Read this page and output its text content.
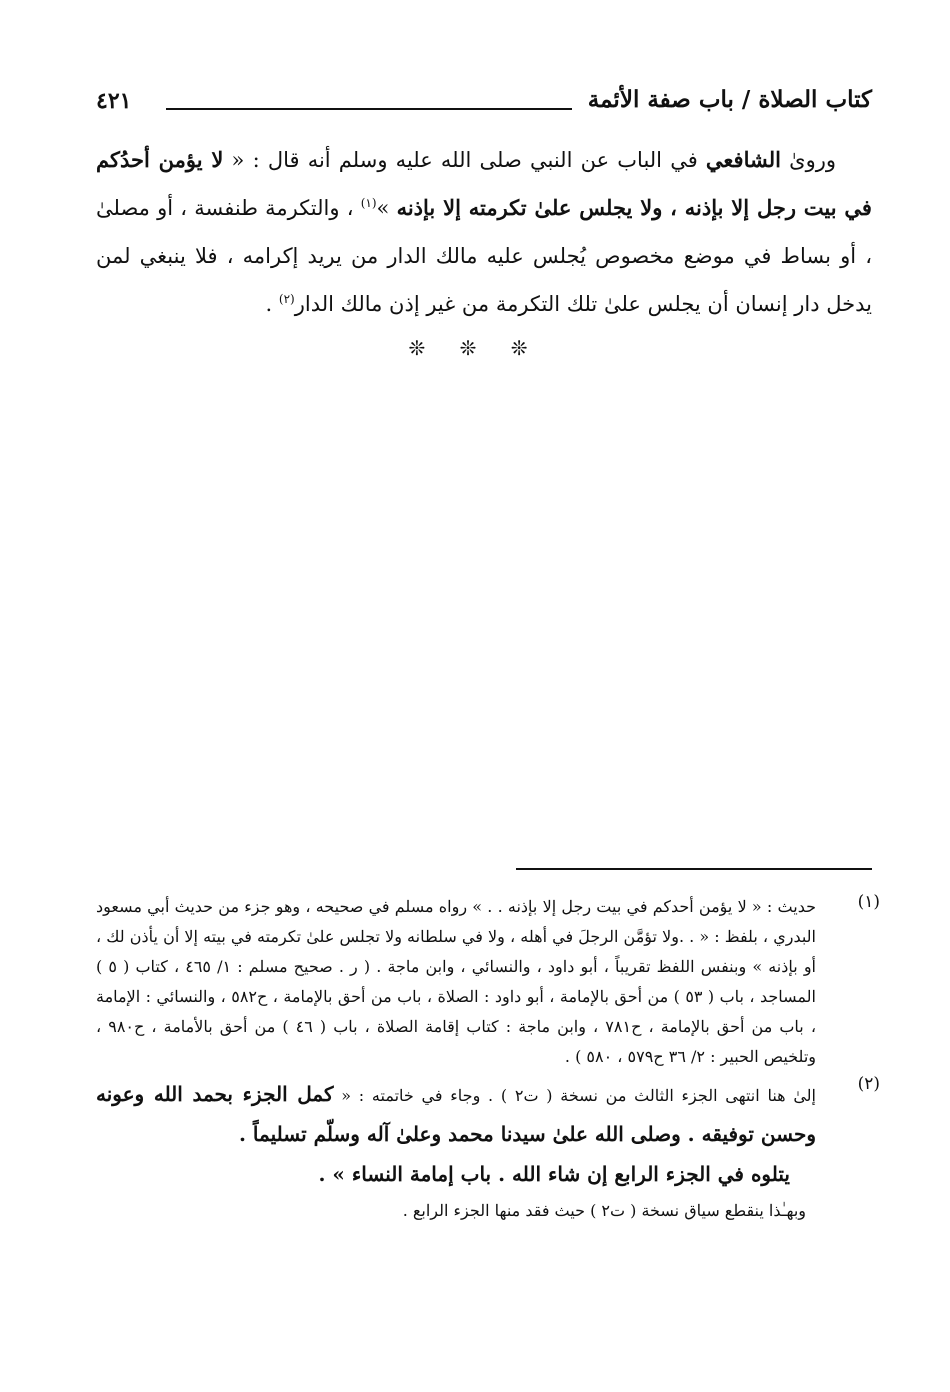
كتاب الصلاة / باب صفة الأئمة
٤٢١

وروىٰ الشافعي في الباب عن النبي صلى الله عليه وسلم أنه قال : « لا يؤمن أحدُكم في بيت رجل إلا بإذنه ، ولا يجلس علىٰ تكرمته إلا بإذنه »$^{(١)}$ ، والتكرمة طنفسة ، أو مصلىٰ ، أو بساط في موضع مخصوص يُجلس عليه مالك الدار من يريد إكرامه ، فلا ينبغي لمن يدخل دار إنسان أن يجلس علىٰ تلك التكرمة من غير إذن مالك الدار$^{(٢)}$ .

❊ ❊ ❊
(١)
حديث : « لا يؤمن أحدكم في بيت رجل إلا بإذنه . . » رواه مسلم في صحيحه ، وهو جزء من حديث أبي مسعود البدري ، بلفظ : « . .ولا تؤمَّن الرجلَ في أهله ، ولا في سلطانه ولا تجلس علىٰ تكرمته في بيته إلا أن يأذن لك ، أو بإذنه » وبنفس اللفظ تقريباً ، أبو داود ، والنسائي ، وابن ماجة . ( ر . صحيح مسلم : ١/ ٤٦٥ ، كتاب ( ٥ ) المساجد ، باب ( ٥٣ ) من أحق بالإمامة ، أبو داود : الصلاة ، باب من أحق بالإمامة ، ح٥٨٢ ، والنسائي : الإمامة ، باب من أحق بالإمامة ، ح٧٨١ ، وابن ماجة : كتاب إقامة الصلاة ، باب ( ٤٦ ) من أحق بالأمامة ، ح٩٨٠ ، وتلخيص الحبير : ٢/ ٣٦ ح٥٧٩ ، ٥٨٠ ) .
(٢)
إلىٰ هنا انتهى الجزء الثالث من نسخة ( ت٢ ) . وجاء في خاتمته : « كمل الجزء بحمد الله وعونه وحسن توفيقه . وصلى الله علىٰ سيدنا محمد وعلىٰ آله وسلّم تسليماً .
يتلوه في الجزء الرابع إن شاء الله . باب إمامة النساء » .
وبهـٰذا ينقطع سياق نسخة ( ت٢ ) حيث فقد منها الجزء الرابع .
